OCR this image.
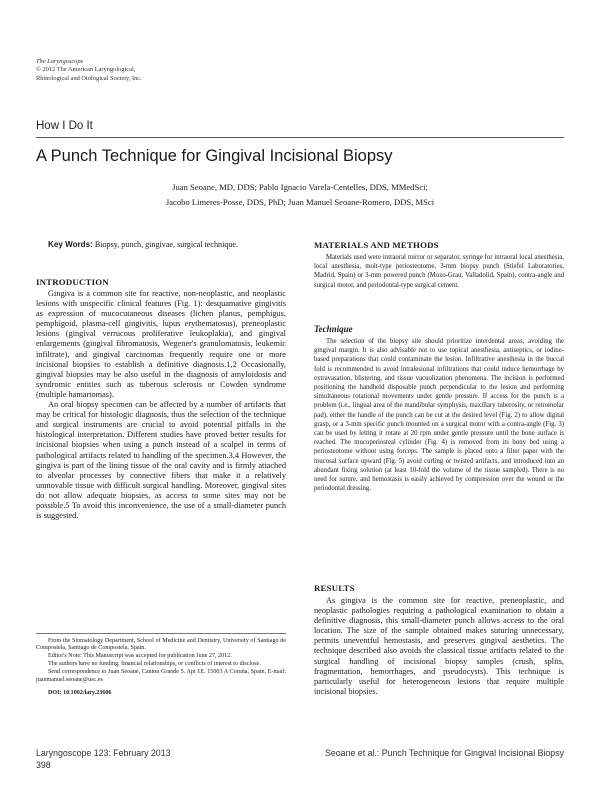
The Laryngoscope
© 2012 The American Laryngological,
Rhinological and Otological Society, Inc.
How I Do It
A Punch Technique for Gingival Incisional Biopsy
Juan Seoane, MD, DDS; Pablo Ignacio Varela-Centelles, DDS, MMedSci;
Jacobo Limeres-Posse, DDS, PhD; Juan Manuel Seoane-Romero, DDS, MSci

Key Words: Biopsy, punch, gingivae, surgical technique.

INTRODUCTION

Gingiva is a common site for reactive, non-neoplastic, and neoplastic lesions with unspecific clinical features (Fig. 1): desquamative gingivitis as expression of mucocutaneous diseases (lichen planus, pemphigus, pemphigoid, plasma-cell gingivitis, lupus erythematosus), preneoplastic lesions (gingival verrucous proliferative leukoplakia), and gingival enlargements (gingival fibromatosis, Wegener's granulomatosis, leukemic infiltrate), and gingival carcinomas frequently require one or more incisional biopsies to establish a definitive diagnosis.1,2 Occasionally, gingival biopsies may be also useful in the diagnosis of amyloidosis and syndromic entities such as tuberous sclerosis or Cowden syndrome (multiple hamartomas).

An oral biopsy specimen can be affected by a number of artifacts that may be critical for histologic diagnosis, thus the selection of the technique and surgical instruments are crucial to avoid potential pitfalls in the histological interpretation. Different studies have proved better results for incisional biopsies when using a punch instead of a scalpel in terms of pathological artifacts related to handling of the specimen.3,4 However, the gingiva is part of the lining tissue of the oral cavity and is firmly attached to alveolar processes by connective fibers that make it a relatively unmovable tissue with difficult surgical handling. Moreover, gingival sites do not allow adequate biopsies, as access to some sites may not be possible.5 To avoid this inconvenience, the use of a small-diameter punch is suggested.

From the Stomatology Department, School of Medicine and Dentistry, University of Santiago de Compostela, Santiago de Compostela, Spain.

Editor's Note: This Manuscript was accepted for publication June 27, 2012.

The authors have no funding, financial relationships, or conflicts of interest to disclose.

Send correspondence to Juan Seoane, Canton Grande 5. Apt 1E. 15003 A Coruña, Spain. E-mail: juanmanuel.seoane@usc.es

DOI: 10.1002/lary.23606

MATERIALS AND METHODS

Materials used were intraoral mirror or separator, syringe for intraoral local anesthesia, local anesthesia, molt-type periosteotome, 3-mm biopsy punch (Stiefel Laboratories, Madrid, Spain) or 3-mm powered punch (Mozo-Grau, Valladolid, Spain), contra-angle and surgical motor, and periodontal-type surgical cement.

Technique

The selection of the biopsy site should prioritize interdental areas, avoiding the gingival margin. It is also advisable not to use topical anesthesia, antiseptics, or iodine-based preparations that could contaminate the lesion. Infiltrative anesthesia in the buccal fold is recommended to avoid intralesional infiltrations that could induce hemorrhage by extravasation, blistering, and tissue vacuolization phenomena. The incision is performed positioning the handheld disposable punch perpendicular to the lesion and performing simultaneous rotational movements under gentle pressure. If access for the punch is a problem (i.e., lingual area of the mandibular symphysis, maxillary tuberosity, or retromolar pad), either the handle of the punch can be cut at the desired level (Fig. 2) to allow digital grasp, or a 3-mm specific punch mounted on a surgical motor with a contra-angle (Fig. 3) can be used by letting it rotate at 20 rpm under gentle pressure until the bone surface is reached. The mucoperiosteal cylinder (Fig. 4) is removed from its bony bed using a periosteotome without using forceps. The sample is placed onto a filter paper with the mucosal surface upward (Fig. 5) avoid curling or twisted artifacts, and introduced into an abundant fixing solution (at least 10-fold the volume of the tissue sampled). There is no need for suture, and hemostasis is easily achieved by compression over the wound or the periodontal dressing.

RESULTS

As gingiva is the common site for reactive, preneoplastic, and neoplastic pathologies requiring a pathological examination to obtain a definitive diagnosis, this small-diameter punch allows access to the oral location. The size of the sample obtained makes suturing unnecessary, permits uneventful hemostasis, and preserves gingival aesthetics. The technique described also avoids the classical tissue artifacts related to the surgical handling of incisional biopsy samples (crush, splits, fragmentation, hemorrhages, and pseudocysts). This technique is particularly useful for heterogeneous lesions that require multiple incisional biopsies.

Laryngoscope 123: February 2013	Seoane et al.: Punch Technique for Gingival Incisional Biopsy
398
